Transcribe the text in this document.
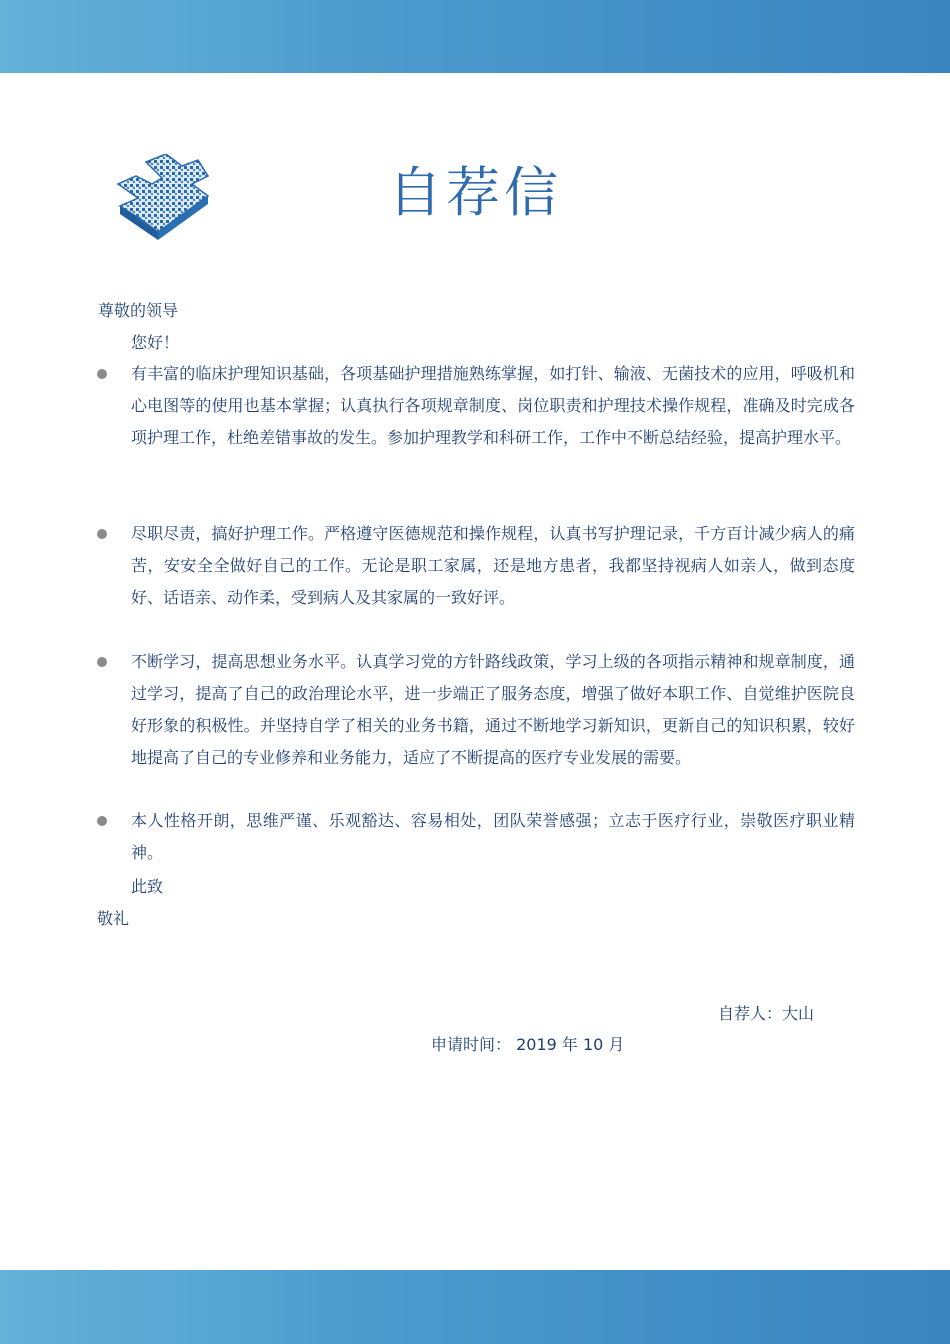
自荐信
尊敬的领导
您好！
有丰富的临床护理知识基础，各项基础护理措施熟练掌握，如打针、输液、无菌技术的应用，呼吸机和心电图等的使用也基本掌握；认真执行各项规章制度、岗位职责和护理技术操作规程，准确及时完成各项护理工作，杜绝差错事故的发生。参加护理教学和科研工作，工作中不断总结经验，提高护理水平。
尽职尽责，搞好护理工作。严格遵守医德规范和操作规程，认真书写护理记录，千方百计减少病人的痛苦，安安全全做好自己的工作。无论是职工家属，还是地方患者，我都坚持视病人如亲人，做到态度好、话语亲、动作柔，受到病人及其家属的一致好评。
不断学习，提高思想业务水平。认真学习党的方针路线政策，学习上级的各项指示精神和规章制度，通过学习，提高了自己的政治理论水平，进一步端正了服务态度，增强了做好本职工作、自觉维护医院良好形象的积极性。并坚持自学了相关的业务书籍，通过不断地学习新知识，更新自己的知识积累，较好地提高了自己的专业修养和业务能力，适应了不断提高的医疗专业发展的需要。
本人性格开朗，思维严谨、乐观豁达、容易相处，团队荣誉感强；立志于医疗行业，崇敬医疗职业精神。
此致
敬礼
自荐人：大山
申请时间： 2019 年 10 月
